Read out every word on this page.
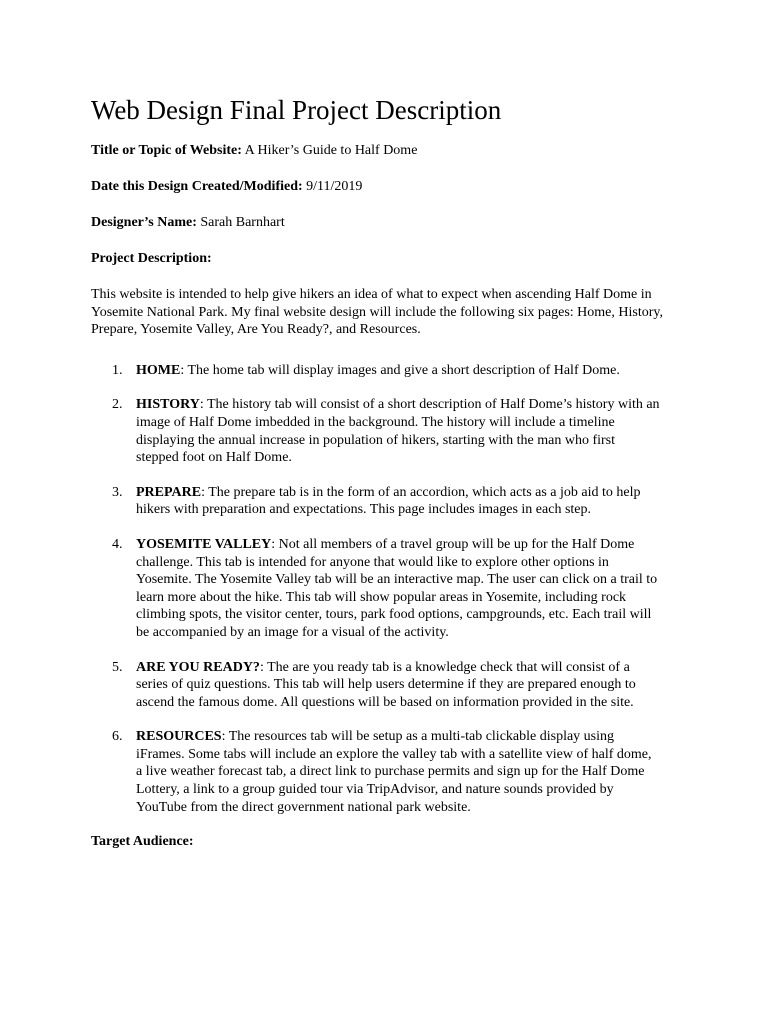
Web Design Final Project Description

Title or Topic of Website: A Hiker’s Guide to Half Dome

Date this Design Created/Modified: 9/11/2019

Designer’s Name: Sarah Barnhart

Project Description:

This website is intended to help give hikers an idea of what to expect when ascending Half Dome in Yosemite National Park. My final website design will include the following six pages: Home, History, Prepare, Yosemite Valley, Are You Ready?, and Resources.

1. HOME: The home tab will display images and give a short description of Half Dome.
2. HISTORY: The history tab will consist of a short description of Half Dome’s history with an image of Half Dome imbedded in the background. The history will include a timeline displaying the annual increase in population of hikers, starting with the man who first stepped foot on Half Dome.
3. PREPARE: The prepare tab is in the form of an accordion, which acts as a job aid to help hikers with preparation and expectations. This page includes images in each step.
4. YOSEMITE VALLEY: Not all members of a travel group will be up for the Half Dome challenge. This tab is intended for anyone that would like to explore other options in Yosemite. The Yosemite Valley tab will be an interactive map. The user can click on a trail to learn more about the hike. This tab will show popular areas in Yosemite, including rock climbing spots, the visitor center, tours, park food options, campgrounds, etc. Each trail will be accompanied by an image for a visual of the activity.
5. ARE YOU READY?: The are you ready tab is a knowledge check that will consist of a series of quiz questions. This tab will help users determine if they are prepared enough to ascend the famous dome. All questions will be based on information provided in the site.
6. RESOURCES: The resources tab will be setup as a multi-tab clickable display using iFrames. Some tabs will include an explore the valley tab with a satellite view of half dome, a live weather forecast tab, a direct link to purchase permits and sign up for the Half Dome Lottery, a link to a group guided tour via TripAdvisor, and nature sounds provided by YouTube from the direct government national park website.

Target Audience:
